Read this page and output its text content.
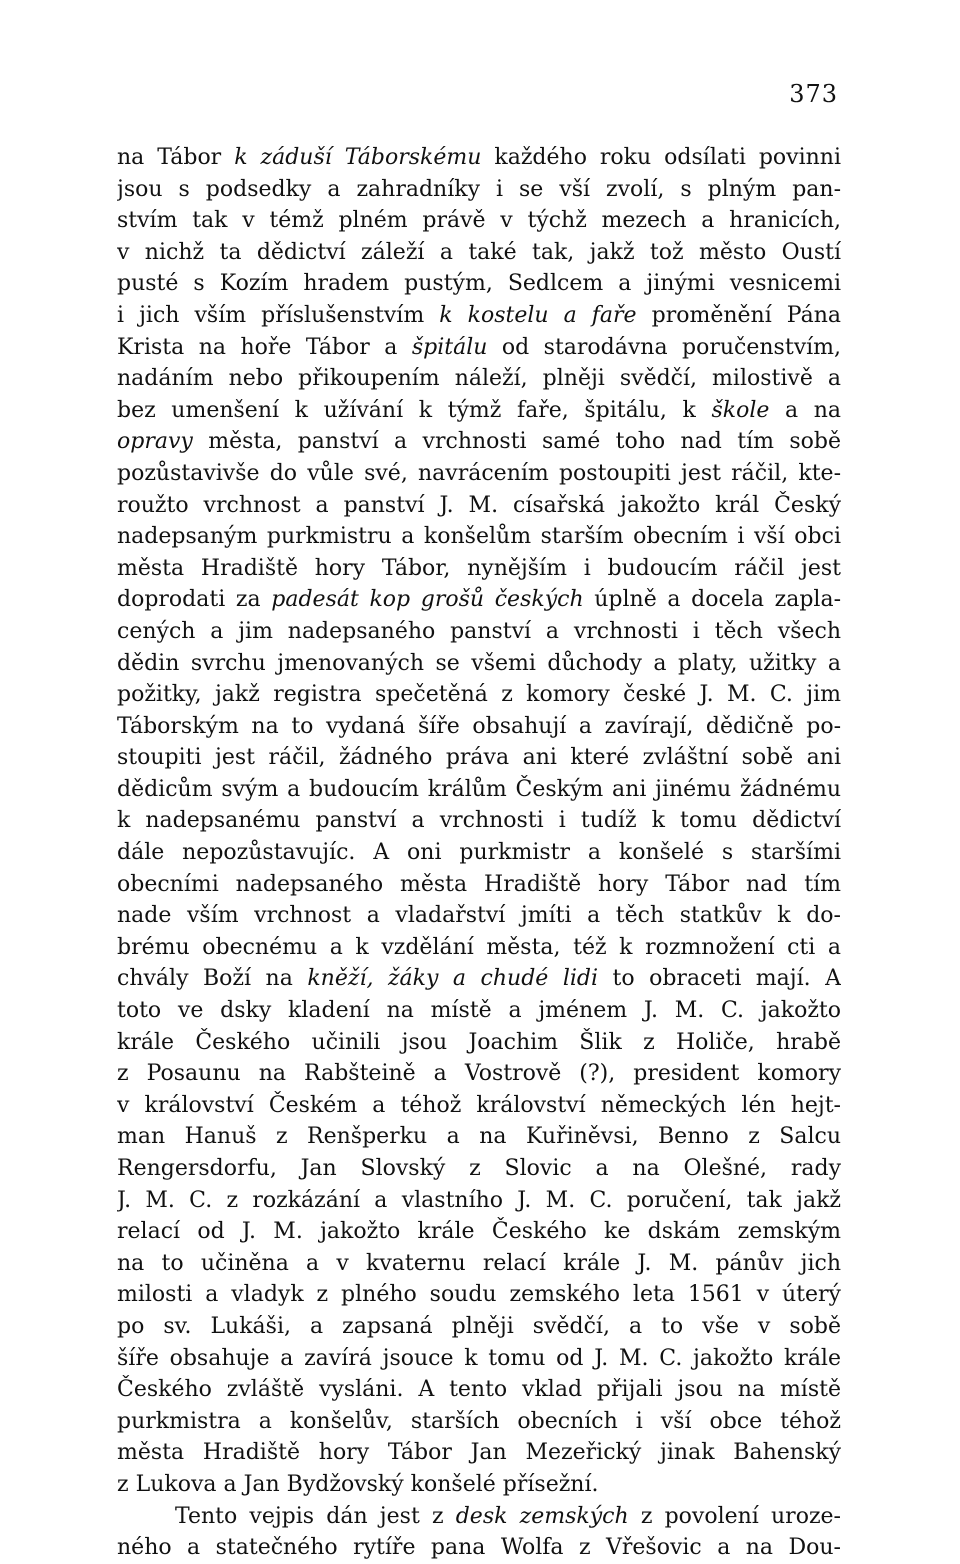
373
na Tábor k záduší Táborskému každého roku odsílati povinni
jsou s podsedky a zahradníky i se vší zvolí, s plným pan-
stvím tak v témž plném právě v týchž mezech a hranicích,
v nichž ta dědictví záleží a také tak, jakž tož město Oustí
pusté s Kozím hradem pustým, Sedlcem a jinými vesnicemi
i jich vším příslušenstvím k kostelu a faře proměnění Pána
Krista na hoře Tábor a špitálu od starodávna poručenstvím,
nadáním nebo přikoupením náleží, plněji svědčí, milostivě a
bez umenšení k užívání k týmž faře, špitálu, k škole a na
opravy města, panství a vrchnosti samé toho nad tím sobě
pozůstavivše do vůle své, navrácením postoupiti jest ráčil, kte-
roužto vrchnost a panství J. M. císařská jakožto král Český
nadepsaným purkmistru a konšelům starším obecním i vší obci
města Hradiště hory Tábor, nynějším i budoucím ráčil jest
doprodati za padesát kop grošů českých úplně a docela zapla-
cených a jim nadepsaného panství a vrchnosti i těch všech
dědin svrchu jmenovaných se všemi důchody a platy, užitky a
požitky, jakž registra spečetěná z komory české J. M. C. jim
Táborským na to vydaná šíře obsahují a zavírají, dědičně po-
stoupiti jest ráčil, žádného práva ani které zvláštní sobě ani
dědicům svým a budoucím králům Českým ani jinému žádnému
k nadepsanému panství a vrchnosti i tudíž k tomu dědictví
dále nepozůstavujíc. A oni purkmistr a konšelé s staršími
obecními nadepsaného města Hradiště hory Tábor nad tím
nade vším vrchnost a vladařství jmíti a těch statkův k do-
brému obecnému a k vzdělání města, též k rozmnožení cti a
chvály Boží na kněží, žáky a chudé lidi to obraceti mají. A
toto ve dsky kladení na místě a jménem J. M. C. jakožto
krále Českého učinili jsou Joachim Šlik z Holiče, hrabě
z Posaunu na Rabšteině a Vostrově (?), president komory
v království Českém a téhož království německých lén hejt-
man Hanuš z Renšperku a na Kuřiněvsi, Benno z Salcu
Rengersdorfu, Jan Slovský z Slovic a na Olešné, rady
J. M. C. z rozkázání a vlastního J. M. C. poručení, tak jakž
relací od J. M. jakožto krále Českého ke dskám zemským
na to učiněna a v kvaternu relací krále J. M. pánův jich
milosti a vladyk z plného soudu zemského leta 1561 v úterý
po sv. Lukáši, a zapsaná plněji svědčí, a to vše v sobě
šíře obsahuje a zavírá jsouce k tomu od J. M. C. jakožto krále
Českého zvláště vysláni. A tento vklad přijali jsou na místě
purkmistra a konšelův, starších obecních i vší obce téhož
města Hradiště hory Tábor Jan Mezeřický jinak Bahenský
z Lukova a Jan Bydžovský konšelé přísežní.
Tento vejpis dán jest z desk zemských z povolení uroze-
ného a statečného rytíře pana Wolfa z Vřešovic a na Dou-
